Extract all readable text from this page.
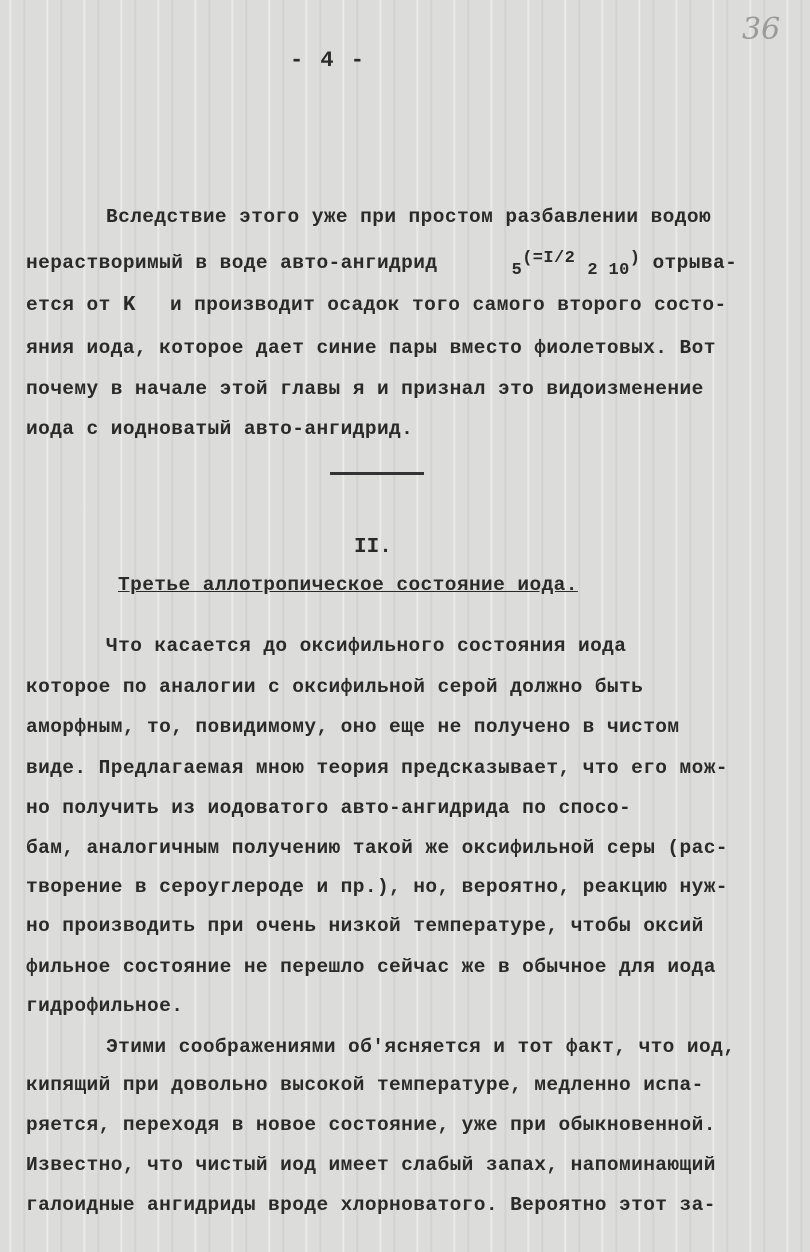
36
- 4 -
Вследствие этого уже при простом разбавлении водою
нерастворимый в воде авто-ангидрид	5(=I/2 2 10) отрыва-
ется от K и производит осадок того самого второго состо-
яния иода, которое дает синие пары вместо фиолетовых. Вот
почему в начале этой главы я и признал это видоизменение
иода с иодноватый авто-ангидрид.
II.
Третье аллотропическое состояние иода.
Что касается до оксифильного состояния иода
которое по аналогии с оксифильной серой должно быть
аморфным, то, повидимому, оно еще не получено в чистом
виде. Предлагаемая мною теория предсказывает, что его мож-
но получить из иодоватого авто-ангидрида по спосо-
бам, аналогичным получению такой же оксифильной серы (рас-
творение в сероуглероде и пр.), но, вероятно, реакцию нуж-
но производить при очень низкой температуре, чтобы оксий
фильное состояние не перешло сейчас же в обычное для иода
гидрофильное.
Этими соображениями об'ясняется и тот факт, что иод,
кипящий при довольно высокой температуре, медленно испа-
ряется, переходя в новое состояние, уже при обыкновенной.
Известно, что чистый иод имеет слабый запах, напоминающий
галоидные ангидриды вроде хлорноватого. Вероятно этот за-
